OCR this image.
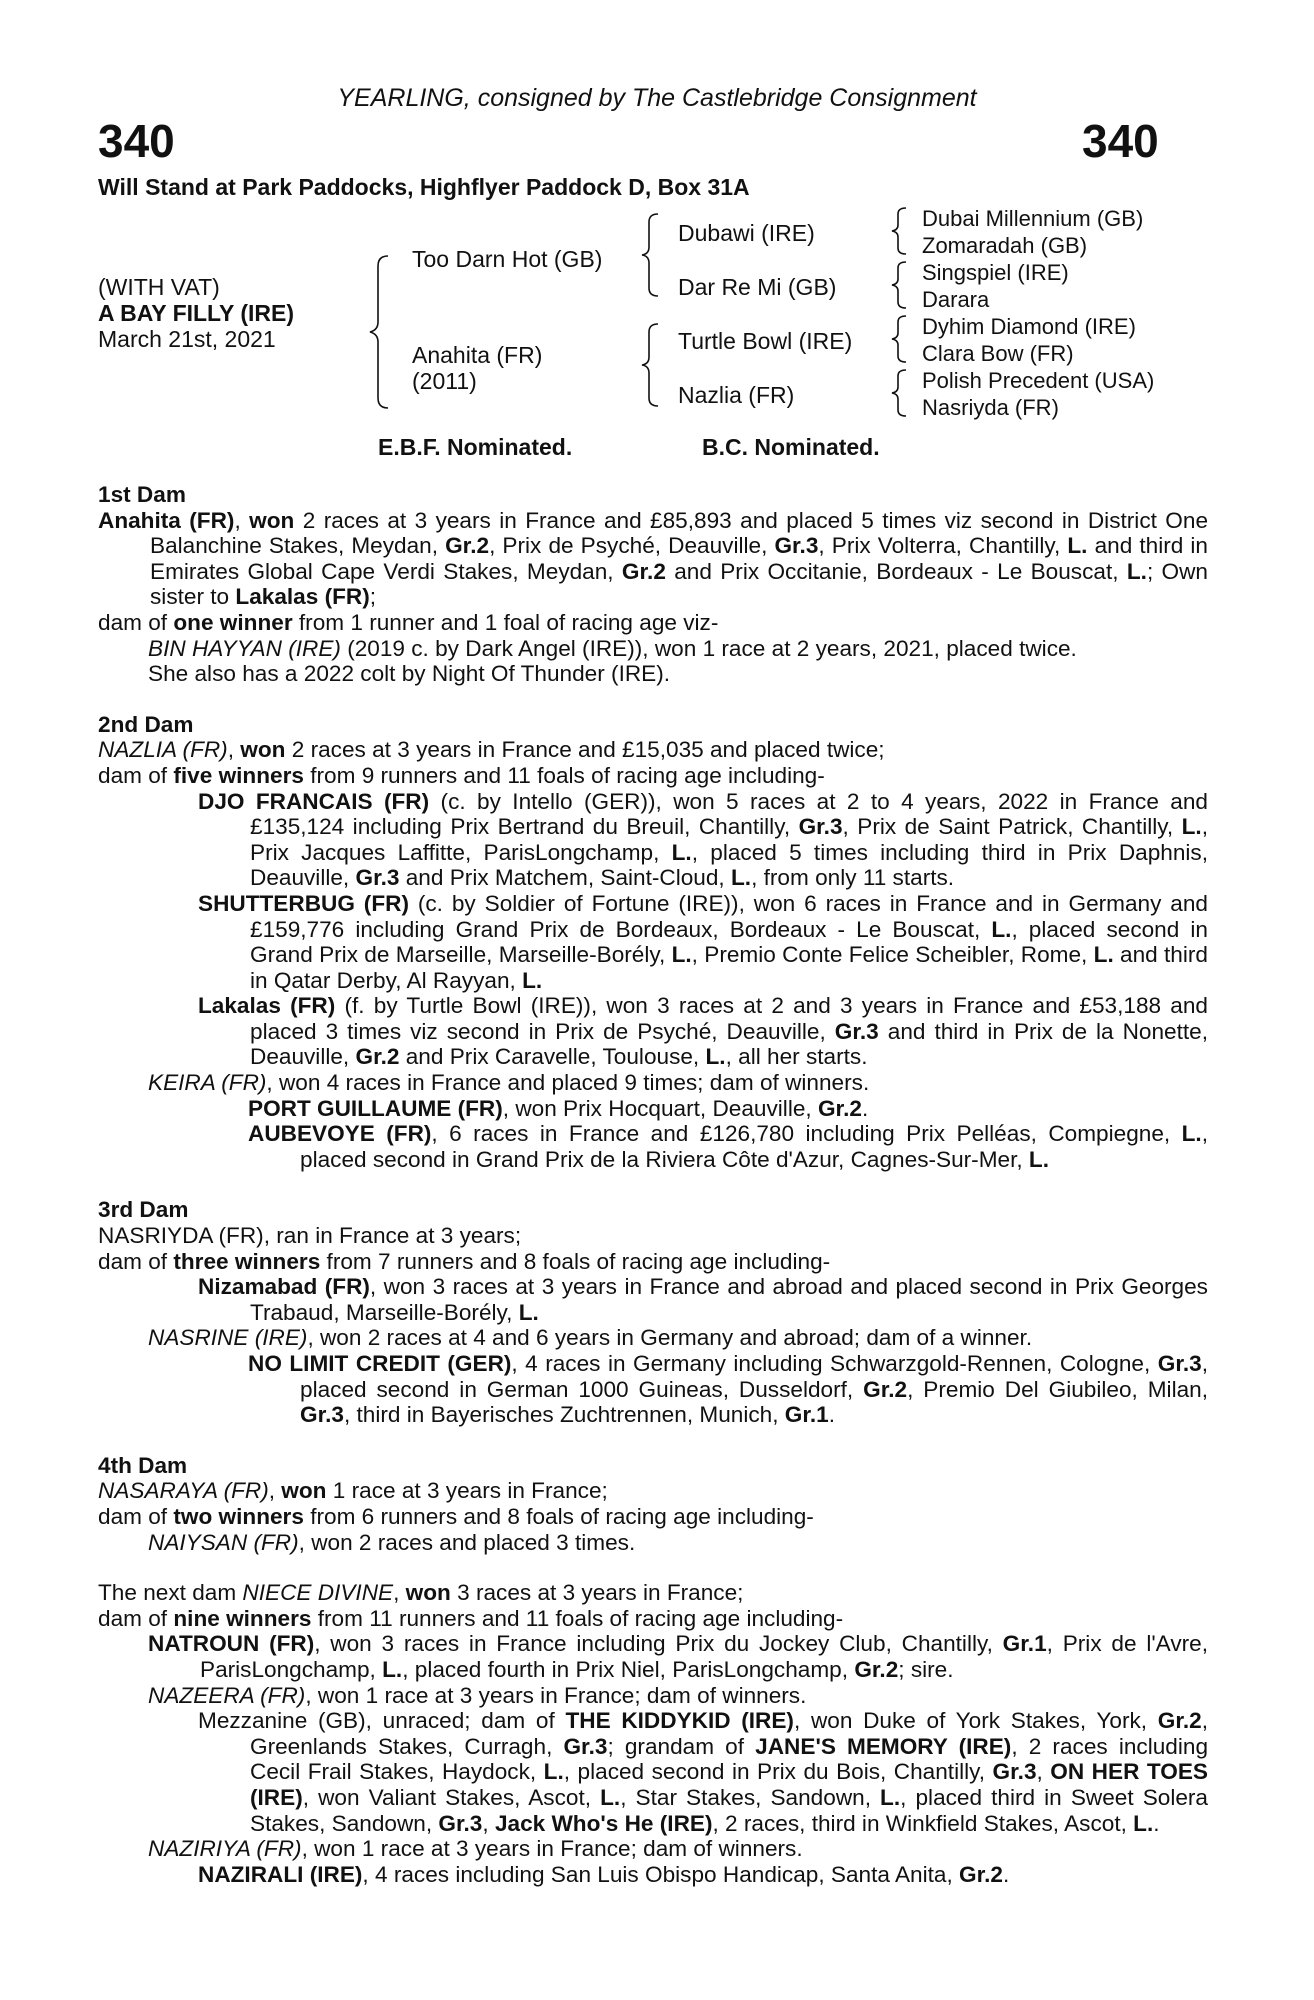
YEARLING, consigned by The Castlebridge Consignment
340	340
Will Stand at Park Paddocks, Highflyer Paddock D, Box 31A
(WITH VAT)
A BAY FILLY (IRE)
March 21st, 2021
Too Darn Hot (GB)
Anahita (FR)
(2011)
Dubawi (IRE)
Dar Re Mi (GB)
Turtle Bowl (IRE)
Nazlia (FR)
Dubai Millennium (GB)
Zomaradah (GB)
Singspiel (IRE)
Darara
Dyhim Diamond (IRE)
Clara Bow (FR)
Polish Precedent (USA)
Nasriyda (FR)
E.B.F. Nominated.	B.C. Nominated.
1st Dam
Anahita (FR), won 2 races at 3 years in France and £85,893 and placed 5 times viz second in District One Balanchine Stakes, Meydan, Gr.2, Prix de Psyché, Deauville, Gr.3, Prix Volterra, Chantilly, L. and third in Emirates Global Cape Verdi Stakes, Meydan, Gr.2 and Prix Occitanie, Bordeaux - Le Bouscat, L.; Own sister to Lakalas (FR);
dam of one winner from 1 runner and 1 foal of racing age viz-
BIN HAYYAN (IRE) (2019 c. by Dark Angel (IRE)), won 1 race at 2 years, 2021, placed twice.
She also has a 2022 colt by Night Of Thunder (IRE).
2nd Dam
NAZLIA (FR), won 2 races at 3 years in France and £15,035 and placed twice;
dam of five winners from 9 runners and 11 foals of racing age including-
DJO FRANCAIS (FR) (c. by Intello (GER)), won 5 races at 2 to 4 years, 2022 in France and £135,124 including Prix Bertrand du Breuil, Chantilly, Gr.3, Prix de Saint Patrick, Chantilly, L., Prix Jacques Laffitte, ParisLongchamp, L., placed 5 times including third in Prix Daphnis, Deauville, Gr.3 and Prix Matchem, Saint-Cloud, L., from only 11 starts.
SHUTTERBUG (FR) (c. by Soldier of Fortune (IRE)), won 6 races in France and in Germany and £159,776 including Grand Prix de Bordeaux, Bordeaux - Le Bouscat, L., placed second in Grand Prix de Marseille, Marseille-Borély, L., Premio Conte Felice Scheibler, Rome, L. and third in Qatar Derby, Al Rayyan, L.
Lakalas (FR) (f. by Turtle Bowl (IRE)), won 3 races at 2 and 3 years in France and £53,188 and placed 3 times viz second in Prix de Psyché, Deauville, Gr.3 and third in Prix de la Nonette, Deauville, Gr.2 and Prix Caravelle, Toulouse, L., all her starts.
KEIRA (FR), won 4 races in France and placed 9 times; dam of winners.
PORT GUILLAUME (FR), won Prix Hocquart, Deauville, Gr.2.
AUBEVOYE (FR), 6 races in France and £126,780 including Prix Pelléas, Compiegne, L., placed second in Grand Prix de la Riviera Côte d'Azur, Cagnes-Sur-Mer, L.
3rd Dam
NASRIYDA (FR), ran in France at 3 years;
dam of three winners from 7 runners and 8 foals of racing age including-
Nizamabad (FR), won 3 races at 3 years in France and abroad and placed second in Prix Georges Trabaud, Marseille-Borély, L.
NASRINE (IRE), won 2 races at 4 and 6 years in Germany and abroad; dam of a winner.
NO LIMIT CREDIT (GER), 4 races in Germany including Schwarzgold-Rennen, Cologne, Gr.3, placed second in German 1000 Guineas, Dusseldorf, Gr.2, Premio Del Giubileo, Milan, Gr.3, third in Bayerisches Zuchtrennen, Munich, Gr.1.
4th Dam
NASARAYA (FR), won 1 race at 3 years in France;
dam of two winners from 6 runners and 8 foals of racing age including-
NAIYSAN (FR), won 2 races and placed 3 times.
The next dam NIECE DIVINE, won 3 races at 3 years in France;
dam of nine winners from 11 runners and 11 foals of racing age including-
NATROUN (FR), won 3 races in France including Prix du Jockey Club, Chantilly, Gr.1, Prix de l'Avre, ParisLongchamp, L., placed fourth in Prix Niel, ParisLongchamp, Gr.2; sire.
NAZEERA (FR), won 1 race at 3 years in France; dam of winners.
Mezzanine (GB), unraced; dam of THE KIDDYKID (IRE), won Duke of York Stakes, York, Gr.2, Greenlands Stakes, Curragh, Gr.3; grandam of JANE'S MEMORY (IRE), 2 races including Cecil Frail Stakes, Haydock, L., placed second in Prix du Bois, Chantilly, Gr.3, ON HER TOES (IRE), won Valiant Stakes, Ascot, L., Star Stakes, Sandown, L., placed third in Sweet Solera Stakes, Sandown, Gr.3, Jack Who's He (IRE), 2 races, third in Winkfield Stakes, Ascot, L..
NAZIRIYA (FR), won 1 race at 3 years in France; dam of winners.
NAZIRALI (IRE), 4 races including San Luis Obispo Handicap, Santa Anita, Gr.2.
